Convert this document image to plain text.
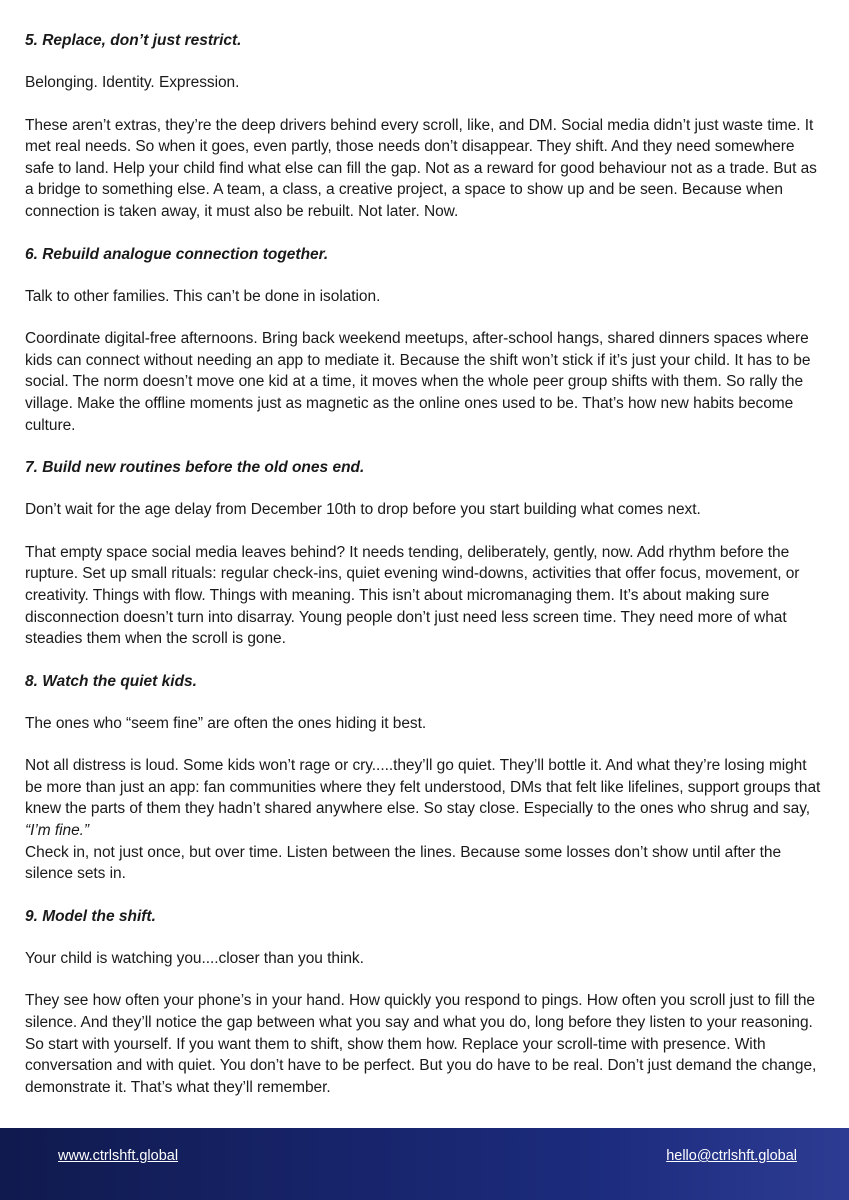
5. Replace, don’t just restrict.

Belonging. Identity. Expression.

These aren’t extras, they’re the deep drivers behind every scroll, like, and DM. Social media didn’t just waste time. It met real needs. So when it goes, even partly, those needs don’t disappear. They shift. And they need somewhere safe to land. Help your child find what else can fill the gap. Not as a reward for good behaviour not as a trade. But as a bridge to something else. A team, a class, a creative project, a space to show up and be seen. Because when connection is taken away, it must also be rebuilt. Not later. Now.

6. Rebuild analogue connection together.

Talk to other families. This can’t be done in isolation.

Coordinate digital-free afternoons. Bring back weekend meetups, after-school hangs, shared dinners spaces where kids can connect without needing an app to mediate it. Because the shift won’t stick if it’s just your child. It has to be social. The norm doesn’t move one kid at a time, it moves when the whole peer group shifts with them. So rally the village. Make the offline moments just as magnetic as the online ones used to be. That’s how new habits become culture.

7. Build new routines before the old ones end.

Don’t wait for the age delay from December 10th to drop before you start building what comes next.

That empty space social media leaves behind? It needs tending, deliberately, gently, now. Add rhythm before the rupture. Set up small rituals: regular check-ins, quiet evening wind-downs, activities that offer focus, movement, or creativity. Things with flow. Things with meaning. This isn’t about micromanaging them. It’s about making sure disconnection doesn’t turn into disarray. Young people don’t just need less screen time. They need more of what steadies them when the scroll is gone.

8. Watch the quiet kids.

The ones who “seem fine” are often the ones hiding it best.

Not all distress is loud. Some kids won’t rage or cry.....they’ll go quiet. They’ll bottle it. And what they’re losing might be more than just an app: fan communities where they felt understood, DMs that felt like lifelines, support groups that knew the parts of them they hadn’t shared anywhere else. So stay close. Especially to the ones who shrug and say, “I’m fine.”

Check in, not just once, but over time. Listen between the lines. Because some losses don’t show until after the silence sets in.

9. Model the shift.

Your child is watching you....closer than you think.

They see how often your phone’s in your hand. How quickly you respond to pings. How often you scroll just to fill the silence. And they’ll notice the gap between what you say and what you do, long before they listen to your reasoning. So start with yourself. If you want them to shift, show them how. Replace your scroll-time with presence. With conversation and with quiet. You don’t have to be perfect. But you do have to be real. Don’t just demand the change, demonstrate it. That’s what they’ll remember.

www.ctrlshft.global	hello@ctrlshft.global
